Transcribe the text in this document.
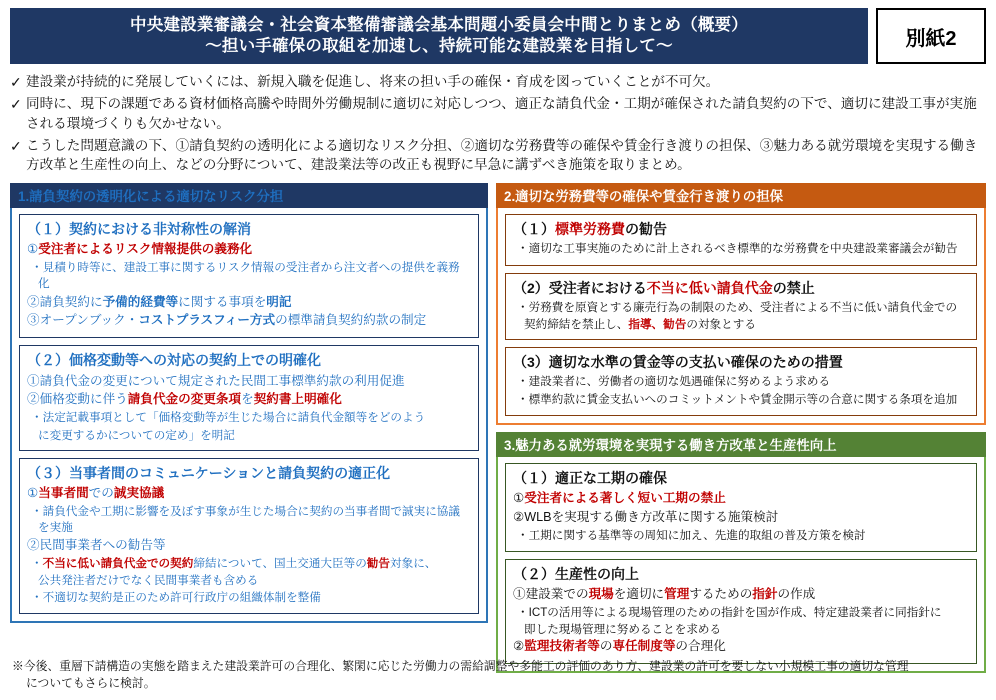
中央建設業審議会・社会資本整備審議会基本問題小委員会中間とりまとめ（概要）
～担い手確保の取組を加速し、持続可能な建設業を目指して～	別紙2
✓ 建設業が持続的に発展していくには、新規入職を促進し、将来の担い手の確保・育成を図っていくことが不可欠。
✓ 同時に、現下の課題である資材価格高騰や時間外労働規制に適切に対応しつつ、適正な請負代金・工期が確保された請負契約の下で、適切に建設工事が実施される環境づくりも欠かせない。
✓ こうした問題意識の下、①請負契約の透明化による適切なリスク分担、②適切な労務費等の確保や賃金行き渡りの担保、③魅力ある就労環境を実現する働き方改革と生産性の向上、などの分野について、建設業法等の改正も視野に早急に講ずべき施策を取りまとめ。
1.請負契約の透明化による適切なリスク分担
（１）契約における非対称性の解消
①受注者によるリスク情報提供の義務化
・見積り時等に、建設工事に関するリスク情報の受注者から注文者への提供を義務化
②請負契約に予備的経費等に関する事項を明記
③オープンブック・コストプラスフィー方式の標準請負契約約款の制定
（２）価格変動等への対応の契約上での明確化
①請負代金の変更について規定された民間工事標準約款の利用促進
②価格変動に伴う請負代金の変更条項を契約書上明確化
・法定記載事項として「価格変動等が生じた場合に請負代金額等をどのよう
に変更するかについての定め」を明記
（３）当事者間のコミュニケーションと請負契約の適正化
①当事者間での誠実協議
・請負代金や工期に影響を及ぼす事象が生じた場合に契約の当事者間で誠実に協議を実施
②民間事業者への勧告等
・不当に低い請負代金での契約締結について、国土交通大臣等の勧告対象に、
公共発注者だけでなく民間事業者も含める
・不適切な契約是正のため許可行政庁の組織体制を整備
2.適切な労務費等の確保や賃金行き渡りの担保
（１）標準労務費の勧告
・適切な工事実施のために計上されるべき標準的な労務費を中央建設業審議会が勧告
（2）受注者における不当に低い請負代金の禁止
・労務費を原資とする廉売行為の制限のため、受注者による不当に低い請負代金での
契約締結を禁止し、指導、勧告の対象とする
（3）適切な水準の賃金等の支払い確保のための措置
・建設業者に、労働者の適切な処遇確保に努めるよう求める
・標準約款に賃金支払いへのコミットメントや賃金開示等の合意に関する条項を追加
3.魅力ある就労環境を実現する働き方改革と生産性向上
（１）適正な工期の確保
①受注者による著しく短い工期の禁止
②WLBを実現する働き方改革に関する施策検討
・工期に関する基準等の周知に加え、先進的取組の普及方策を検討
（２）生産性の向上
①建設業での現場を適切に管理するための指針の作成
・ICTの活用等による現場管理のための指針を国が作成、特定建設業者に同指針に
即した現場管理に努めることを求める
②監理技術者等の専任制度等の合理化
※今後、重層下請構造の実態を踏まえた建設業許可の合理化、繁閑に応じた労働力の需給調整や多能工の評価のあり方、建設業の許可を要しない小規模工事の適切な管理
についてもさらに検討。
